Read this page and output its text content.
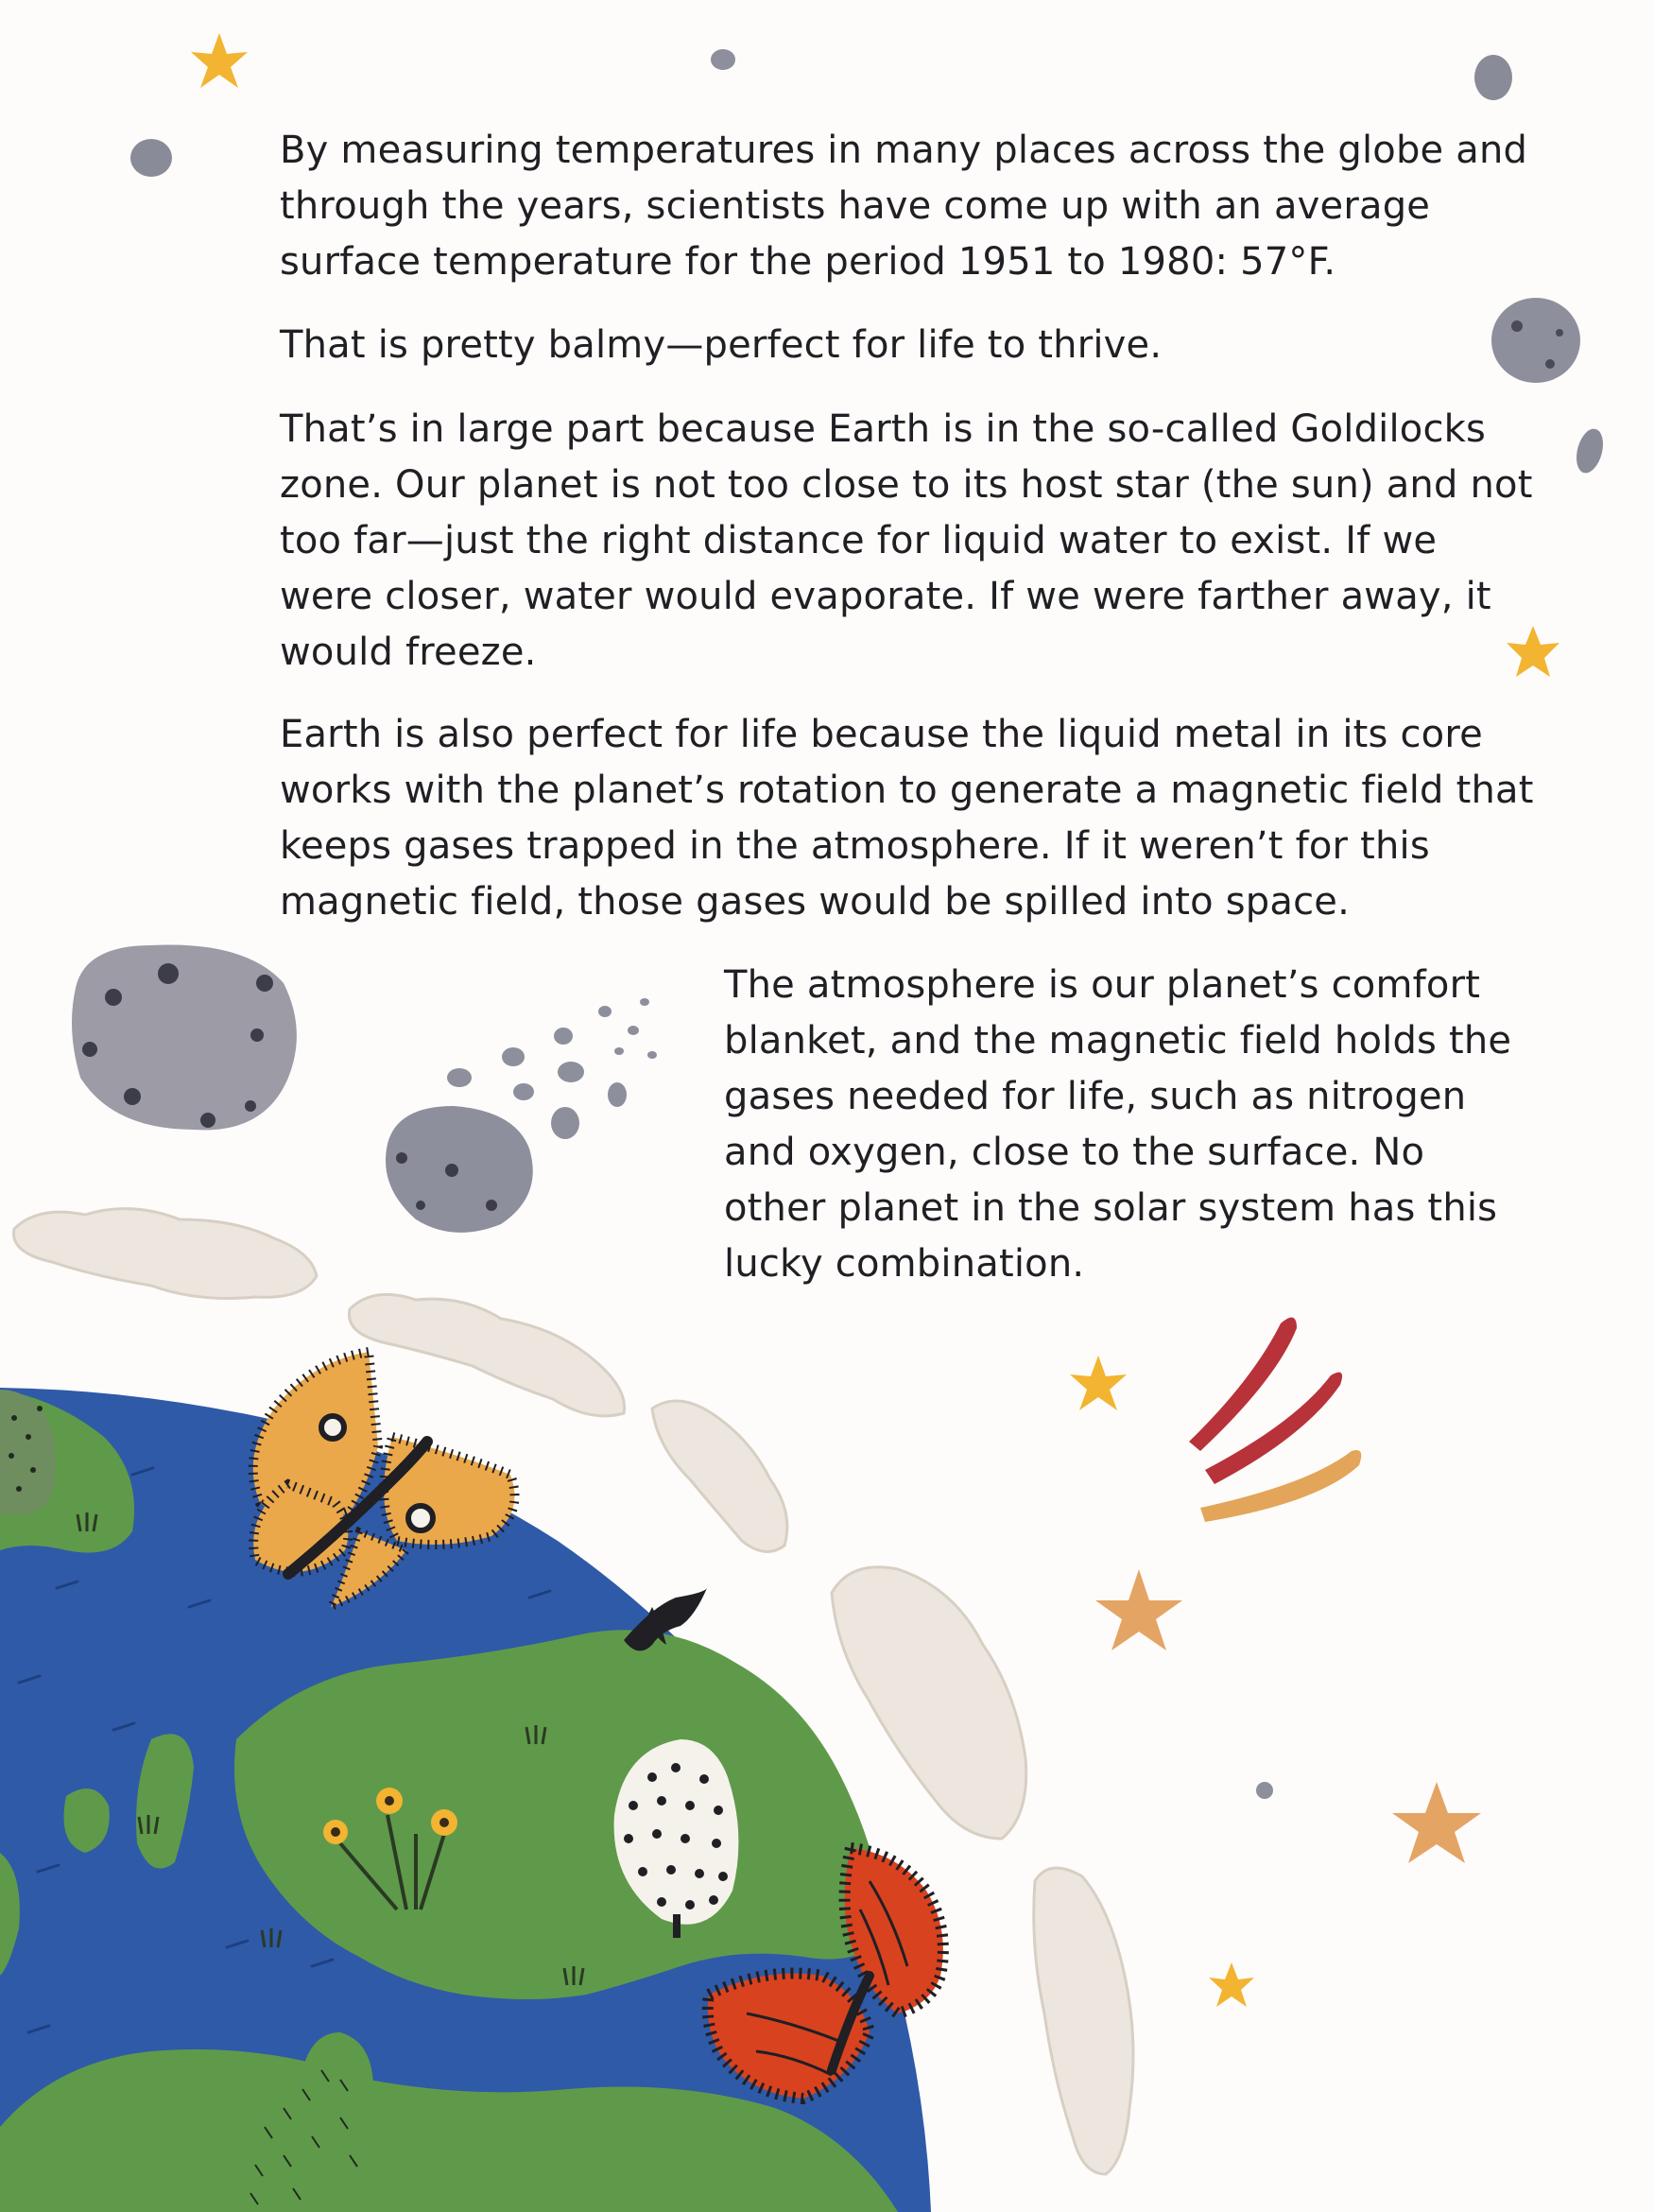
By measuring temperatures in many places across the globe and through the years, scientists have come up with an average surface temperature for the period 1951 to 1980: 57°F.

That is pretty balmy—perfect for life to thrive.

That’s in large part because Earth is in the so-called Goldilocks zone. Our planet is not too close to its host star (the sun) and not too far—just the right distance for liquid water to exist. If we were closer, water would evaporate. If we were farther away, it would freeze.

Earth is also perfect for life because the liquid metal in its core works with the planet’s rotation to generate a magnetic field that keeps gases trapped in the atmosphere. If it weren’t for this magnetic field, those gases would be spilled into space.

The atmosphere is our planet’s comfort blanket, and the magnetic field holds the gases needed for life, such as nitrogen and oxygen, close to the surface. No other planet in the solar system has this lucky combination.
